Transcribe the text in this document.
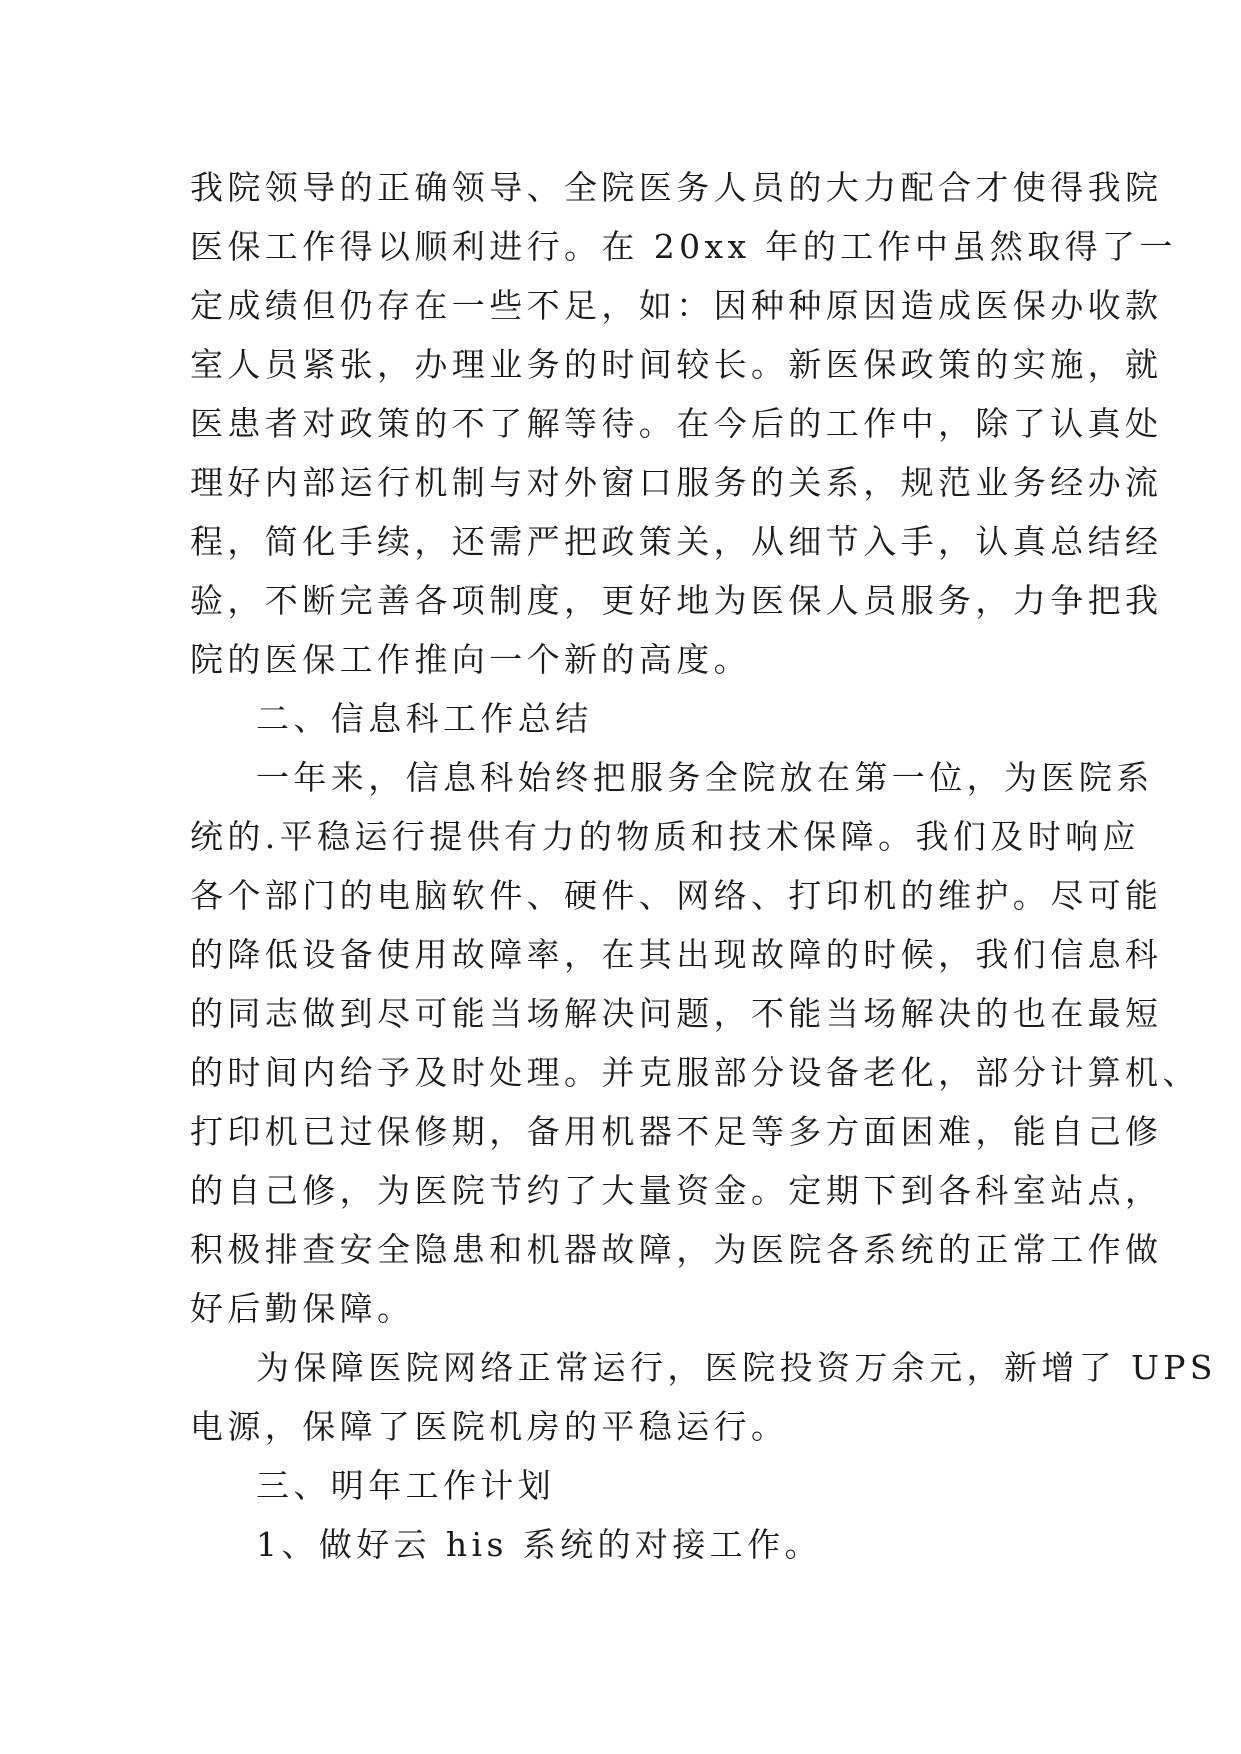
我院领导的正确领导、全院医务人员的大力配合才使得我院
医保工作得以顺利进行。在 20xx 年的工作中虽然取得了一
定成绩但仍存在一些不足，如：因种种原因造成医保办收款
室人员紧张，办理业务的时间较长。新医保政策的实施，就
医患者对政策的不了解等待。在今后的工作中，除了认真处
理好内部运行机制与对外窗口服务的关系，规范业务经办流
程，简化手续，还需严把政策关，从细节入手，认真总结经
验，不断完善各项制度，更好地为医保人员服务，力争把我
院的医保工作推向一个新的高度。
二、信息科工作总结
一年来，信息科始终把服务全院放在第一位，为医院系
统的.平稳运行提供有力的物质和技术保障。我们及时响应
各个部门的电脑软件、硬件、网络、打印机的维护。尽可能
的降低设备使用故障率，在其出现故障的时候，我们信息科
的同志做到尽可能当场解决问题，不能当场解决的也在最短
的时间内给予及时处理。并克服部分设备老化，部分计算机、
打印机已过保修期，备用机器不足等多方面困难，能自己修
的自己修，为医院节约了大量资金。定期下到各科室站点，
积极排查安全隐患和机器故障，为医院各系统的正常工作做
好后勤保障。
为保障医院网络正常运行，医院投资万余元，新增了 UPS
电源，保障了医院机房的平稳运行。
三、明年工作计划
1、做好云 his 系统的对接工作。
